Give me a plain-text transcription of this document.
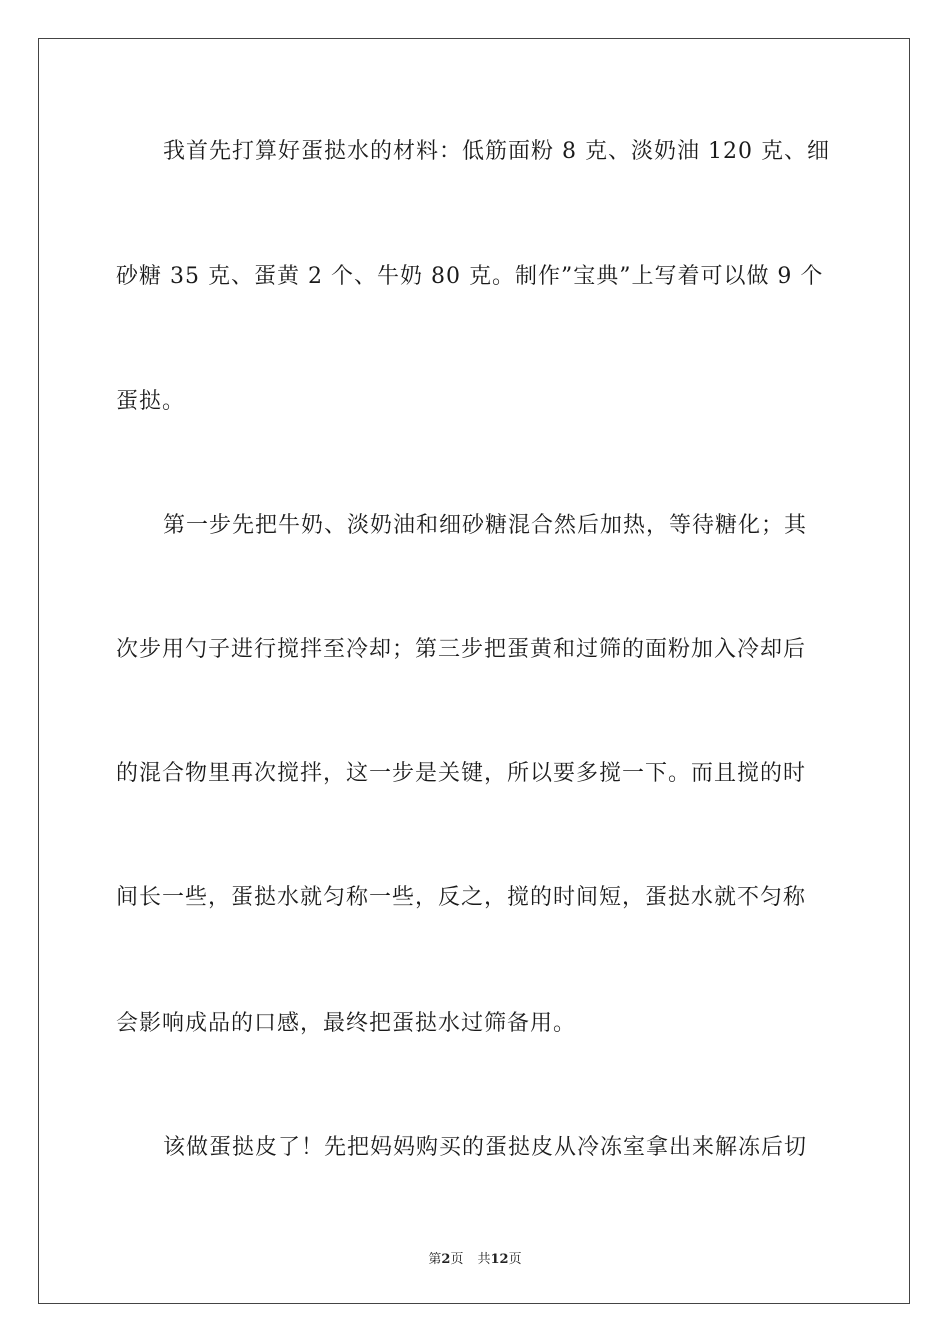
我首先打算好蛋挞水的材料：低筋面粉 8 克、淡奶油 120 克、细
砂糖 35 克、蛋黄 2 个、牛奶 80 克。制作”宝典”上写着可以做 9 个
蛋挞。
第一步先把牛奶、淡奶油和细砂糖混合然后加热，等待糖化；其
次步用勺子进行搅拌至冷却；第三步把蛋黄和过筛的面粉加入冷却后
的混合物里再次搅拌，这一步是关键，所以要多搅一下。而且搅的时
间长一些，蛋挞水就匀称一些，反之，搅的时间短，蛋挞水就不匀称
会影响成品的口感，最终把蛋挞水过筛备用。
该做蛋挞皮了！先把妈妈购买的蛋挞皮从冷冻室拿出来解冻后切
第2页 共12页
